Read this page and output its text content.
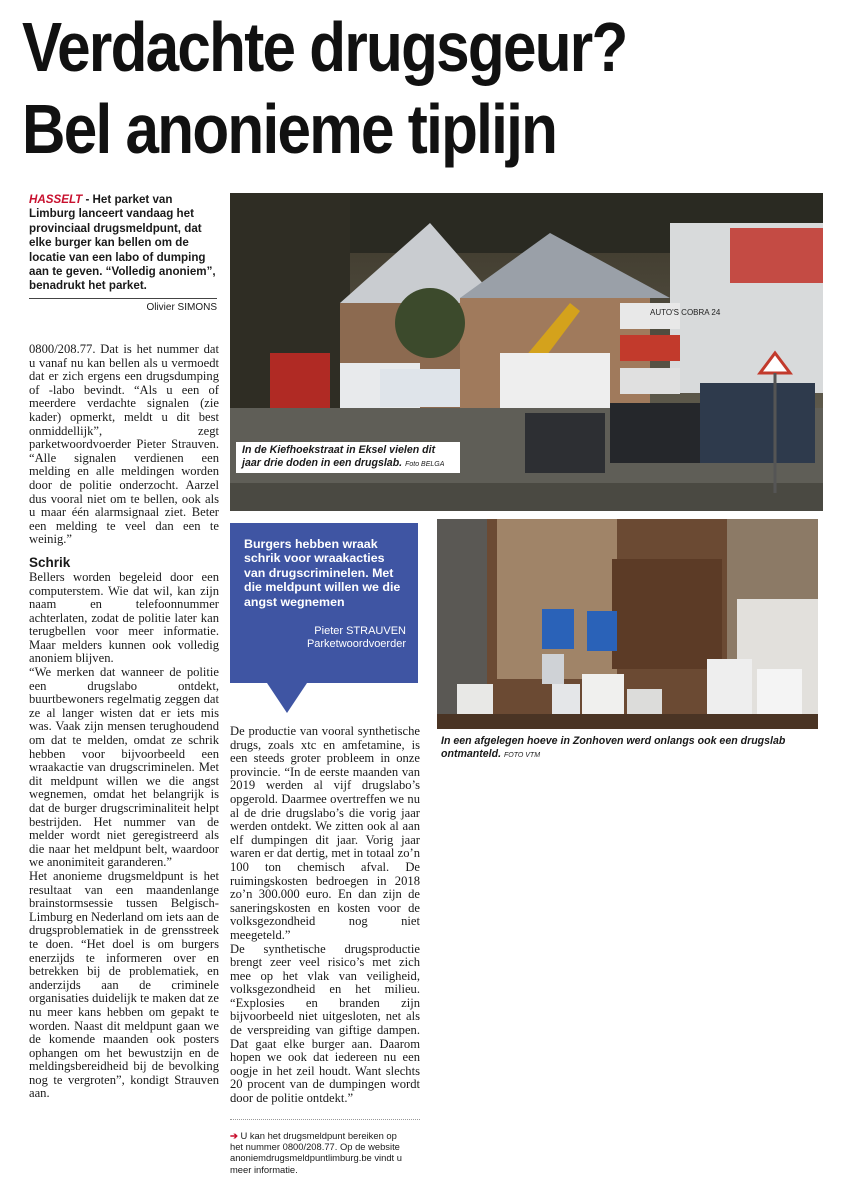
Verdachte drugsgeur?
Bel anonieme tiplijn
HASSELT - Het parket van Limburg lanceert vandaag het provinciaal drugsmeldpunt, dat elke burger kan bellen om de locatie van een labo of dumping aan te geven. “Volledig anoniem”, benadrukt het parket.
Olivier SIMONS

0800/208.77. Dat is het nummer dat u vanaf nu kan bellen als u vermoedt dat er zich ergens een drugsdumping of -labo bevindt. “Als u een of meerdere verdachte signalen (zie kader) opmerkt, meldt u dit best onmiddellijk”, zegt parketwoordvoerder Pieter Strauven. “Alle signalen verdienen een melding en alle meldingen worden door de politie onderzocht. Aarzel dus vooral niet om te bellen, ook als u maar één alarmsignaal ziet. Beter een melding te veel dan een te weinig.”

Schrik

Bellers worden begeleid door een computerstem. Wie dat wil, kan zijn naam en telefoonnummer achterlaten, zodat de politie later kan terugbellen voor meer informatie. Maar melders kunnen ook volledig anoniem blijven.

“We merken dat wanneer de politie een drugslabo ontdekt, buurtbewoners regelmatig zeggen dat ze al langer wisten dat er iets mis was. Vaak zijn mensen terughoudend om dat te melden, omdat ze schrik hebben voor bijvoorbeeld een wraakactie van drugscriminelen. Met dit meldpunt willen we die angst wegnemen, omdat het belangrijk is dat de burger drugscriminaliteit helpt bestrijden. Het nummer van de melder wordt niet geregistreerd als die naar het meldpunt belt, waardoor we anonimiteit garanderen.”

Het anonieme drugsmeldpunt is het resultaat van een maandenlange brainstormsessie tussen Belgisch-Limburg en Nederland om iets aan de drugsproblematiek in de grensstreek te doen. “Het doel is om burgers enerzijds te informeren over en betrekken bij de problematiek, en anderzijds aan de criminele organisaties duidelijk te maken dat ze nu meer kans hebben om gepakt te worden. Naast dit meldpunt gaan we de komende maanden ook posters ophangen om het bewustzijn en de meldingsbereidheid bij de bevolking nog te vergroten”, kondigt Strauven aan.

De productie van vooral synthetische drugs, zoals xtc en amfetamine, is een steeds groter probleem in onze provincie. “In de eerste maanden van 2019 werden al vijf drugslabo’s opgerold. Daarmee overtreffen we nu al de drie drugslabo’s die vorig jaar werden ontdekt. We zitten ook al aan elf dumpingen dit jaar. Vorig jaar waren er dat dertig, met in totaal zo’n 100 ton chemisch afval. De ruimingskosten bedroegen in 2018 zo’n 300.000 euro. En dan zijn de saneringskosten en kosten voor de volksgezondheid nog niet meegeteld.”

De synthetische drugsproductie brengt zeer veel risico’s met zich mee op het vlak van veiligheid, volksgezondheid en het milieu. “Explosies en branden zijn bijvoorbeeld niet uitgesloten, net als de verspreiding van giftige dampen. Dat gaat elke burger aan. Daarom hopen we ook dat iedereen nu een oogje in het zeil houdt. Want slechts 20 procent van de dumpingen wordt door de politie ontdekt.”

AUTO'S COBRA 24
In de Kiefhoekstraat in Eksel vielen dit jaar drie doden in een drugslab. Foto BELGA
Burgers hebben wraak schrik voor wraakacties van drugscriminelen. Met die meldpunt willen we die angst wegnemen
Pieter STRAUVEN
Parketwoordvoerder
In een afgelegen hoeve in Zonhoven werd onlangs ook een drugslab ontmanteld. FOTO VTM
➔ U kan het drugsmeldpunt bereiken op het nummer 0800/208.77. Op de website anoniemdrugsmeldpuntlimburg.be vindt u meer informatie.
